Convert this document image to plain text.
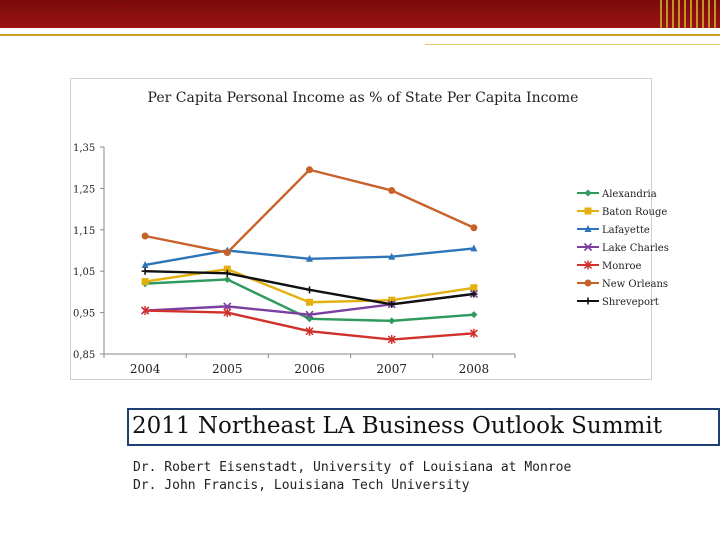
Per Capita Personal Income as % of State Per Capita Income
1,35
1,25
1,15
1,05
0,95
0,85
2004	2005	2006	2007	2008
Alexandria
Baton Rouge
Lafayette
Lake Charles
Monroe
New Orleans
Shreveport
2011 Northeast LA Business Outlook Summit
Dr. Robert Eisenstadt, University of Louisiana at Monroe
Dr. John Francis, Louisiana Tech University
